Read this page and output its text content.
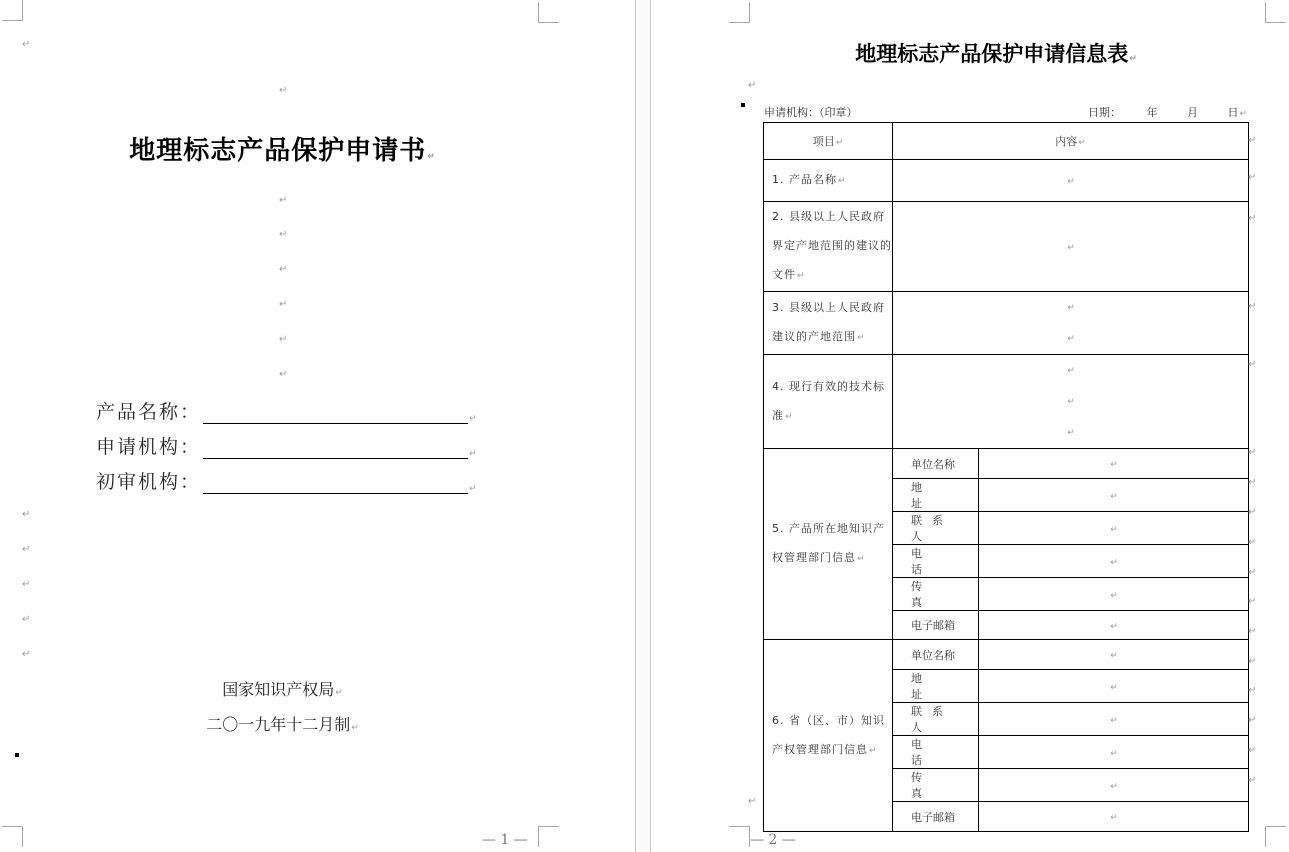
↵
↵
地理标志产品保护申请书↵
↵
↵
↵
↵
↵
↵
产品名称：	↵
申请机构：	↵
初审机构：	↵
↵
↵
↵
↵
↵
国家知识产权局↵
二〇一九年十二月制↵
— 1 —
地理标志产品保护申请信息表↵
↵
申请机构：（印章）	日期： 年	月	日↵
项目↵	内容↵	
1. 产品名称↵	↵	
2. 县级以上人民政府界定产地范围的建议的文件↵	↵	
3. 县级以上人民政府建议的产地范围↵	↵
↵	
4. 现行有效的技术标准↵	↵
↵
↵	
5. 产品所在地知识产权管理部门信息↵	单位名称	↵

	地址	↵

	联系人	↵

	电话	↵

	传真	↵

	电子邮箱	↵
6. 省（区、市）知识产权管理部门信息↵	单位名称	↵

	地址	↵

	联系人	↵

	电话	↵

	传真	↵

	电子邮箱	↵
↵
↵
↵
↵
↵
↵
↵
↵
↵
↵
↵
↵
↵
↵
↵
↵
↵
↵
— 2 —
